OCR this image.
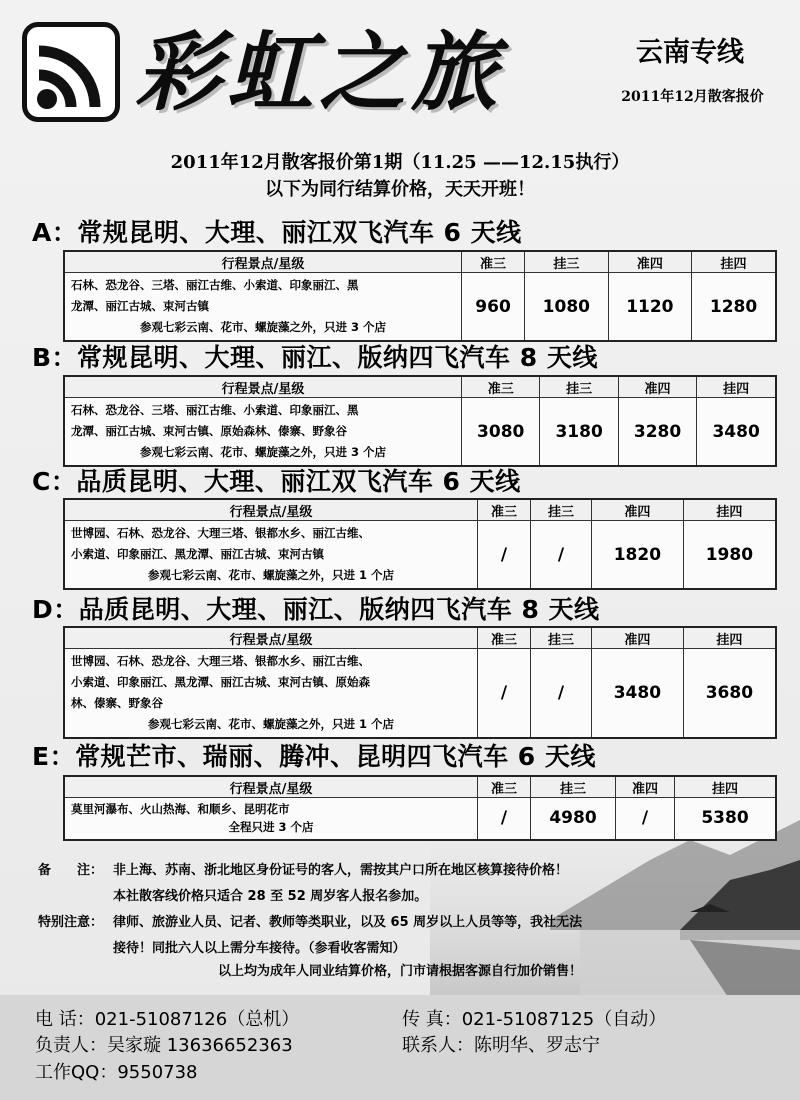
彩虹之旅	云南专线
2011年12月散客报价
2011年12月散客报价第1期（11.25 ——12.15执行）
以下为同行结算价格，天天开班！
A：常规昆明、大理、丽江双飞汽车 6 天线
行程景点/星级	准三	挂三	准四	挂四
石林、恐龙谷、三塔、丽江古维、小索道、印象丽江、黑
龙潭、丽江古城、束河古镇
参观七彩云南、花市、螺旋藻之外，只进 3 个店	960	1080	1120	1280
B：常规昆明、大理、丽江、版纳四飞汽车 8 天线
行程景点/星级	准三	挂三	准四	挂四
石林、恐龙谷、三塔、丽江古维、小索道、印象丽江、黑
龙潭、丽江古城、束河古镇、原始森林、傣寨、野象谷
参观七彩云南、花市、螺旋藻之外，只进 3 个店	3080	3180	3280	3480
C：品质昆明、大理、丽江双飞汽车 6 天线
行程景点/星级	准三	挂三	准四	挂四
世博园、石林、恐龙谷、大理三塔、银都水乡、丽江古维、
小索道、印象丽江、黑龙潭、丽江古城、束河古镇
参观七彩云南、花市、螺旋藻之外，只进 1 个店	/	/	1820	1980
D：品质昆明、大理、丽江、版纳四飞汽车 8 天线
行程景点/星级	准三	挂三	准四	挂四
世博园、石林、恐龙谷、大理三塔、银都水乡、丽江古维、
小索道、印象丽江、黑龙潭、丽江古城、束河古镇、原始森
林、傣寨、野象谷
参观七彩云南、花市、螺旋藻之外，只进 1 个店	/	/	3480	3680
E：常规芒市、瑞丽、腾冲、昆明四飞汽车 6 天线
行程景点/星级	准三	挂三	准四	挂四
莫里河瀑布、火山热海、和顺乡、昆明花市
全程只进 3 个店	/	4980	/	5380
备　　注： 非上海、苏南、浙北地区身份证号的客人，需按其户口所在地区核算接待价格！
本社散客线价格只适合 28 至 52 周岁客人报名参加。
特别注意： 律师、旅游业人员、记者、教师等类职业，以及 65 周岁以上人员等等，我社无法
接待！同批六人以上需分车接待。（参看收客需知）
以上均为成年人同业结算价格，门市请根据客源自行加价销售！
电 话：021-51087126（总机）	传 真：021-51087125（自动）
负责人：吴家璇 13636652363	联系人：陈明华、罗志宁
工作QQ：9550738
